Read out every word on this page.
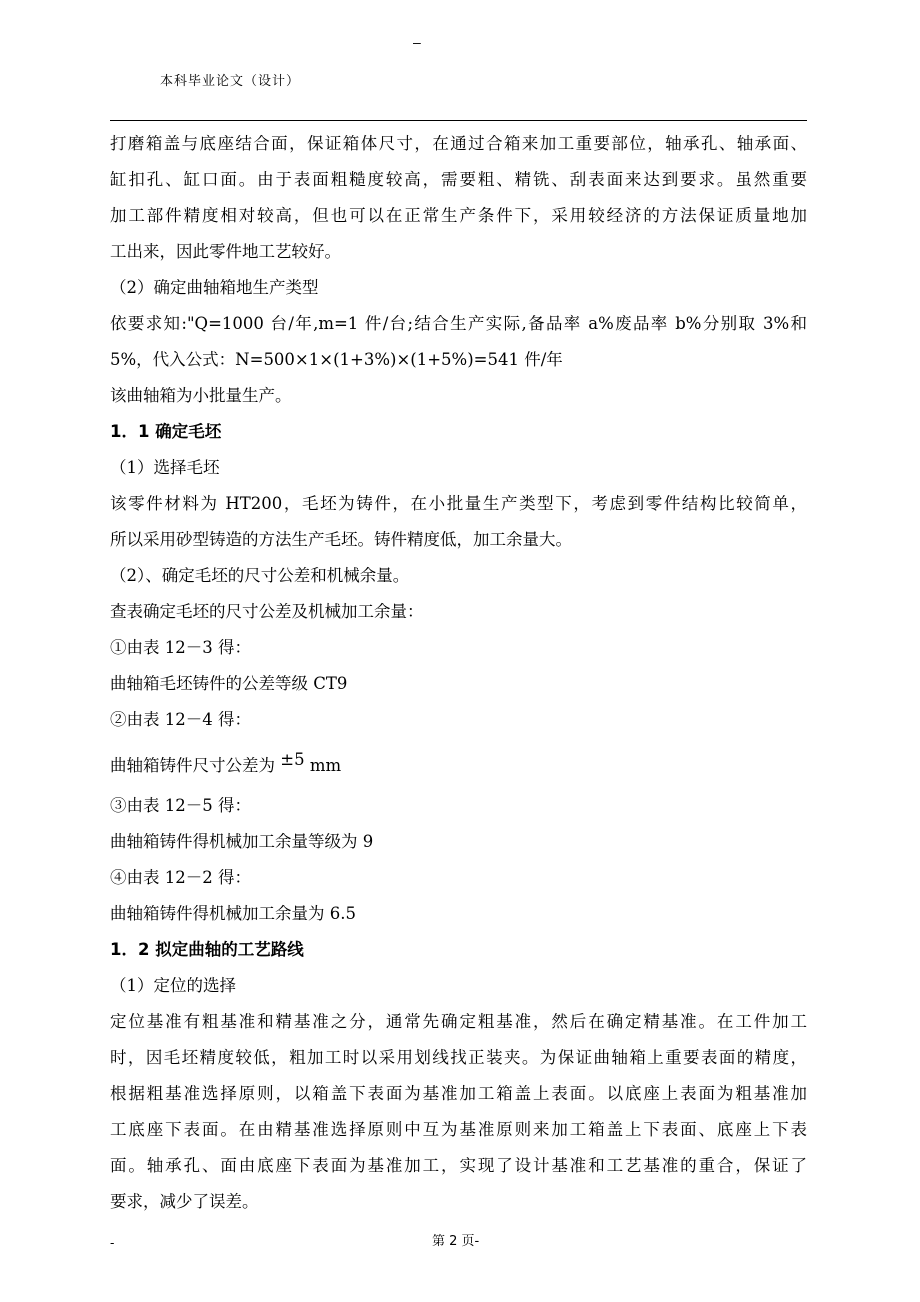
–
本科毕业论文（设计）
打磨箱盖与底座结合面，保证箱体尺寸，在通过合箱来加工重要部位，轴承孔、轴承面、
缸扣孔、缸口面。由于表面粗糙度较高，需要粗、精铣、刮表面来达到要求。虽然重要
加工部件精度相对较高，但也可以在正常生产条件下，采用较经济的方法保证质量地加
工出来，因此零件地工艺较好。
（2）确定曲轴箱地生产类型
依要求知:"Q=1000 台/年,m=1 件/台;结合生产实际,备品率 a%废品率 b%分别取 3%和
5%，代入公式：N=500×1×(1+3%)×(1+5%)=541 件/年
该曲轴箱为小批量生产。
1．1 确定毛坯
（1）选择毛坯
该零件材料为 HT200，毛坯为铸件，在小批量生产类型下，考虑到零件结构比较简单，
所以采用砂型铸造的方法生产毛坯。铸件精度低，加工余量大。
（2）、确定毛坯的尺寸公差和机械余量。
查表确定毛坯的尺寸公差及机械加工余量：
①由表 12－3 得：
曲轴箱毛坯铸件的公差等级 CT9
②由表 12－4 得：
曲轴箱铸件尺寸公差为 ±5 mm
③由表 12－5 得：
曲轴箱铸件得机械加工余量等级为 9
④由表 12－2 得：
曲轴箱铸件得机械加工余量为 6.5
1．2 拟定曲轴的工艺路线
（1）定位的选择
定位基准有粗基准和精基准之分，通常先确定粗基准，然后在确定精基准。在工件加工
时，因毛坯精度较低，粗加工时以采用划线找正装夹。为保证曲轴箱上重要表面的精度，
根据粗基准选择原则，以箱盖下表面为基准加工箱盖上表面。以底座上表面为粗基准加
工底座下表面。在由精基准选择原则中互为基准原则来加工箱盖上下表面、底座上下表
面。轴承孔、面由底座下表面为基准加工，实现了设计基准和工艺基准的重合，保证了
要求，减少了误差。
-	第 2 页-
